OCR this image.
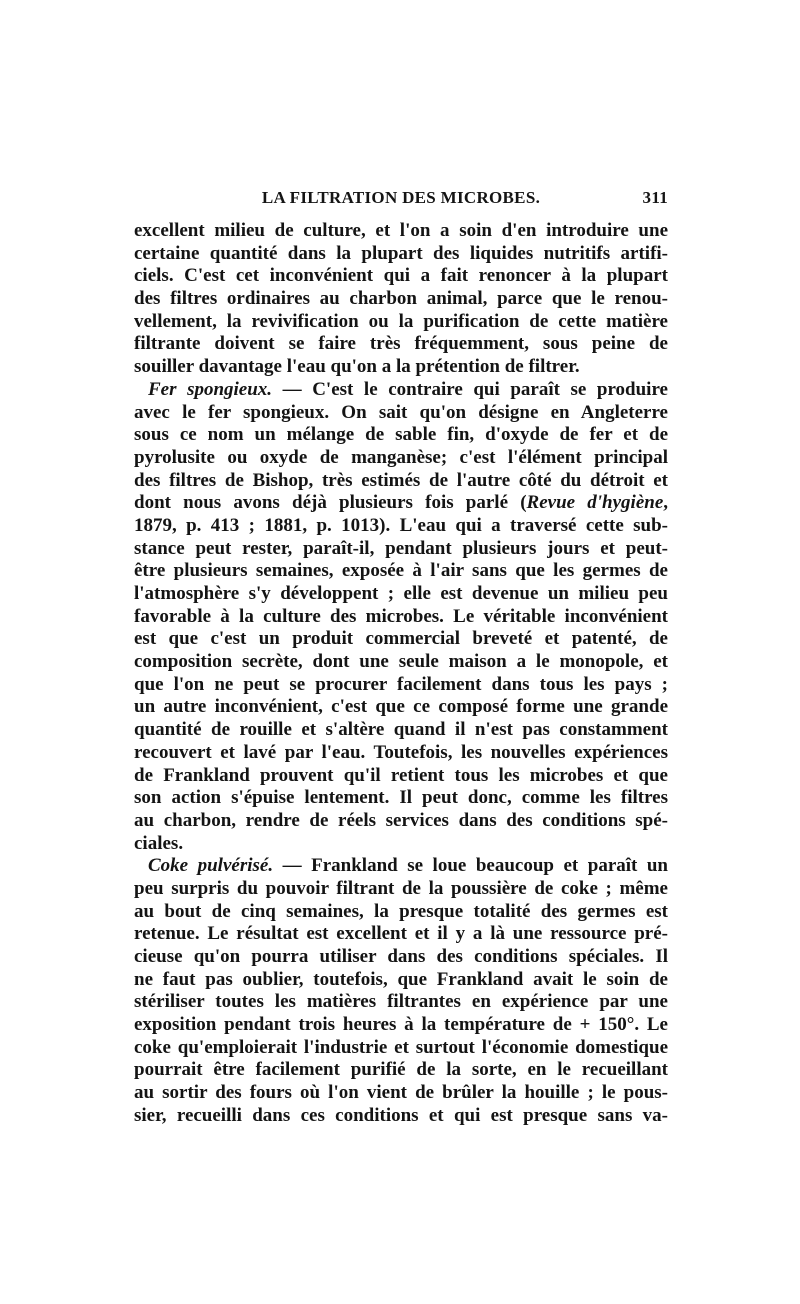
LA FILTRATION DES MICROBES.	311
excellent milieu de culture, et l'on a soin d'en introduire une
certaine quantité dans la plupart des liquides nutritifs artifi-
ciels. C'est cet inconvénient qui a fait renoncer à la plupart
des filtres ordinaires au charbon animal, parce que le renou-
vellement, la revivification ou la purification de cette matière
filtrante doivent se faire très fréquemment, sous peine de
souiller davantage l'eau qu'on a la prétention de filtrer.
Fer spongieux. — C'est le contraire qui paraît se produire
avec le fer spongieux. On sait qu'on désigne en Angleterre
sous ce nom un mélange de sable fin, d'oxyde de fer et de
pyrolusite ou oxyde de manganèse; c'est l'élément principal
des filtres de Bishop, très estimés de l'autre côté du détroit et
dont nous avons déjà plusieurs fois parlé (Revue d'hygiène,
1879, p. 413 ; 1881, p. 1013). L'eau qui a traversé cette sub-
stance peut rester, paraît-il, pendant plusieurs jours et peut-
être plusieurs semaines, exposée à l'air sans que les germes de
l'atmosphère s'y développent ; elle est devenue un milieu peu
favorable à la culture des microbes. Le véritable inconvénient
est que c'est un produit commercial breveté et patenté, de
composition secrète, dont une seule maison a le monopole, et
que l'on ne peut se procurer facilement dans tous les pays ;
un autre inconvénient, c'est que ce composé forme une grande
quantité de rouille et s'altère quand il n'est pas constamment
recouvert et lavé par l'eau. Toutefois, les nouvelles expériences
de Frankland prouvent qu'il retient tous les microbes et que
son action s'épuise lentement. Il peut donc, comme les filtres
au charbon, rendre de réels services dans des conditions spé-
ciales.
Coke pulvérisé. — Frankland se loue beaucoup et paraît un
peu surpris du pouvoir filtrant de la poussière de coke ; même
au bout de cinq semaines, la presque totalité des germes est
retenue. Le résultat est excellent et il y a là une ressource pré-
cieuse qu'on pourra utiliser dans des conditions spéciales. Il
ne faut pas oublier, toutefois, que Frankland avait le soin de
stériliser toutes les matières filtrantes en expérience par une
exposition pendant trois heures à la température de + 150°. Le
coke qu'emploierait l'industrie et surtout l'économie domestique
pourrait être facilement purifié de la sorte, en le recueillant
au sortir des fours où l'on vient de brûler la houille ; le pous-
sier, recueilli dans ces conditions et qui est presque sans va-
